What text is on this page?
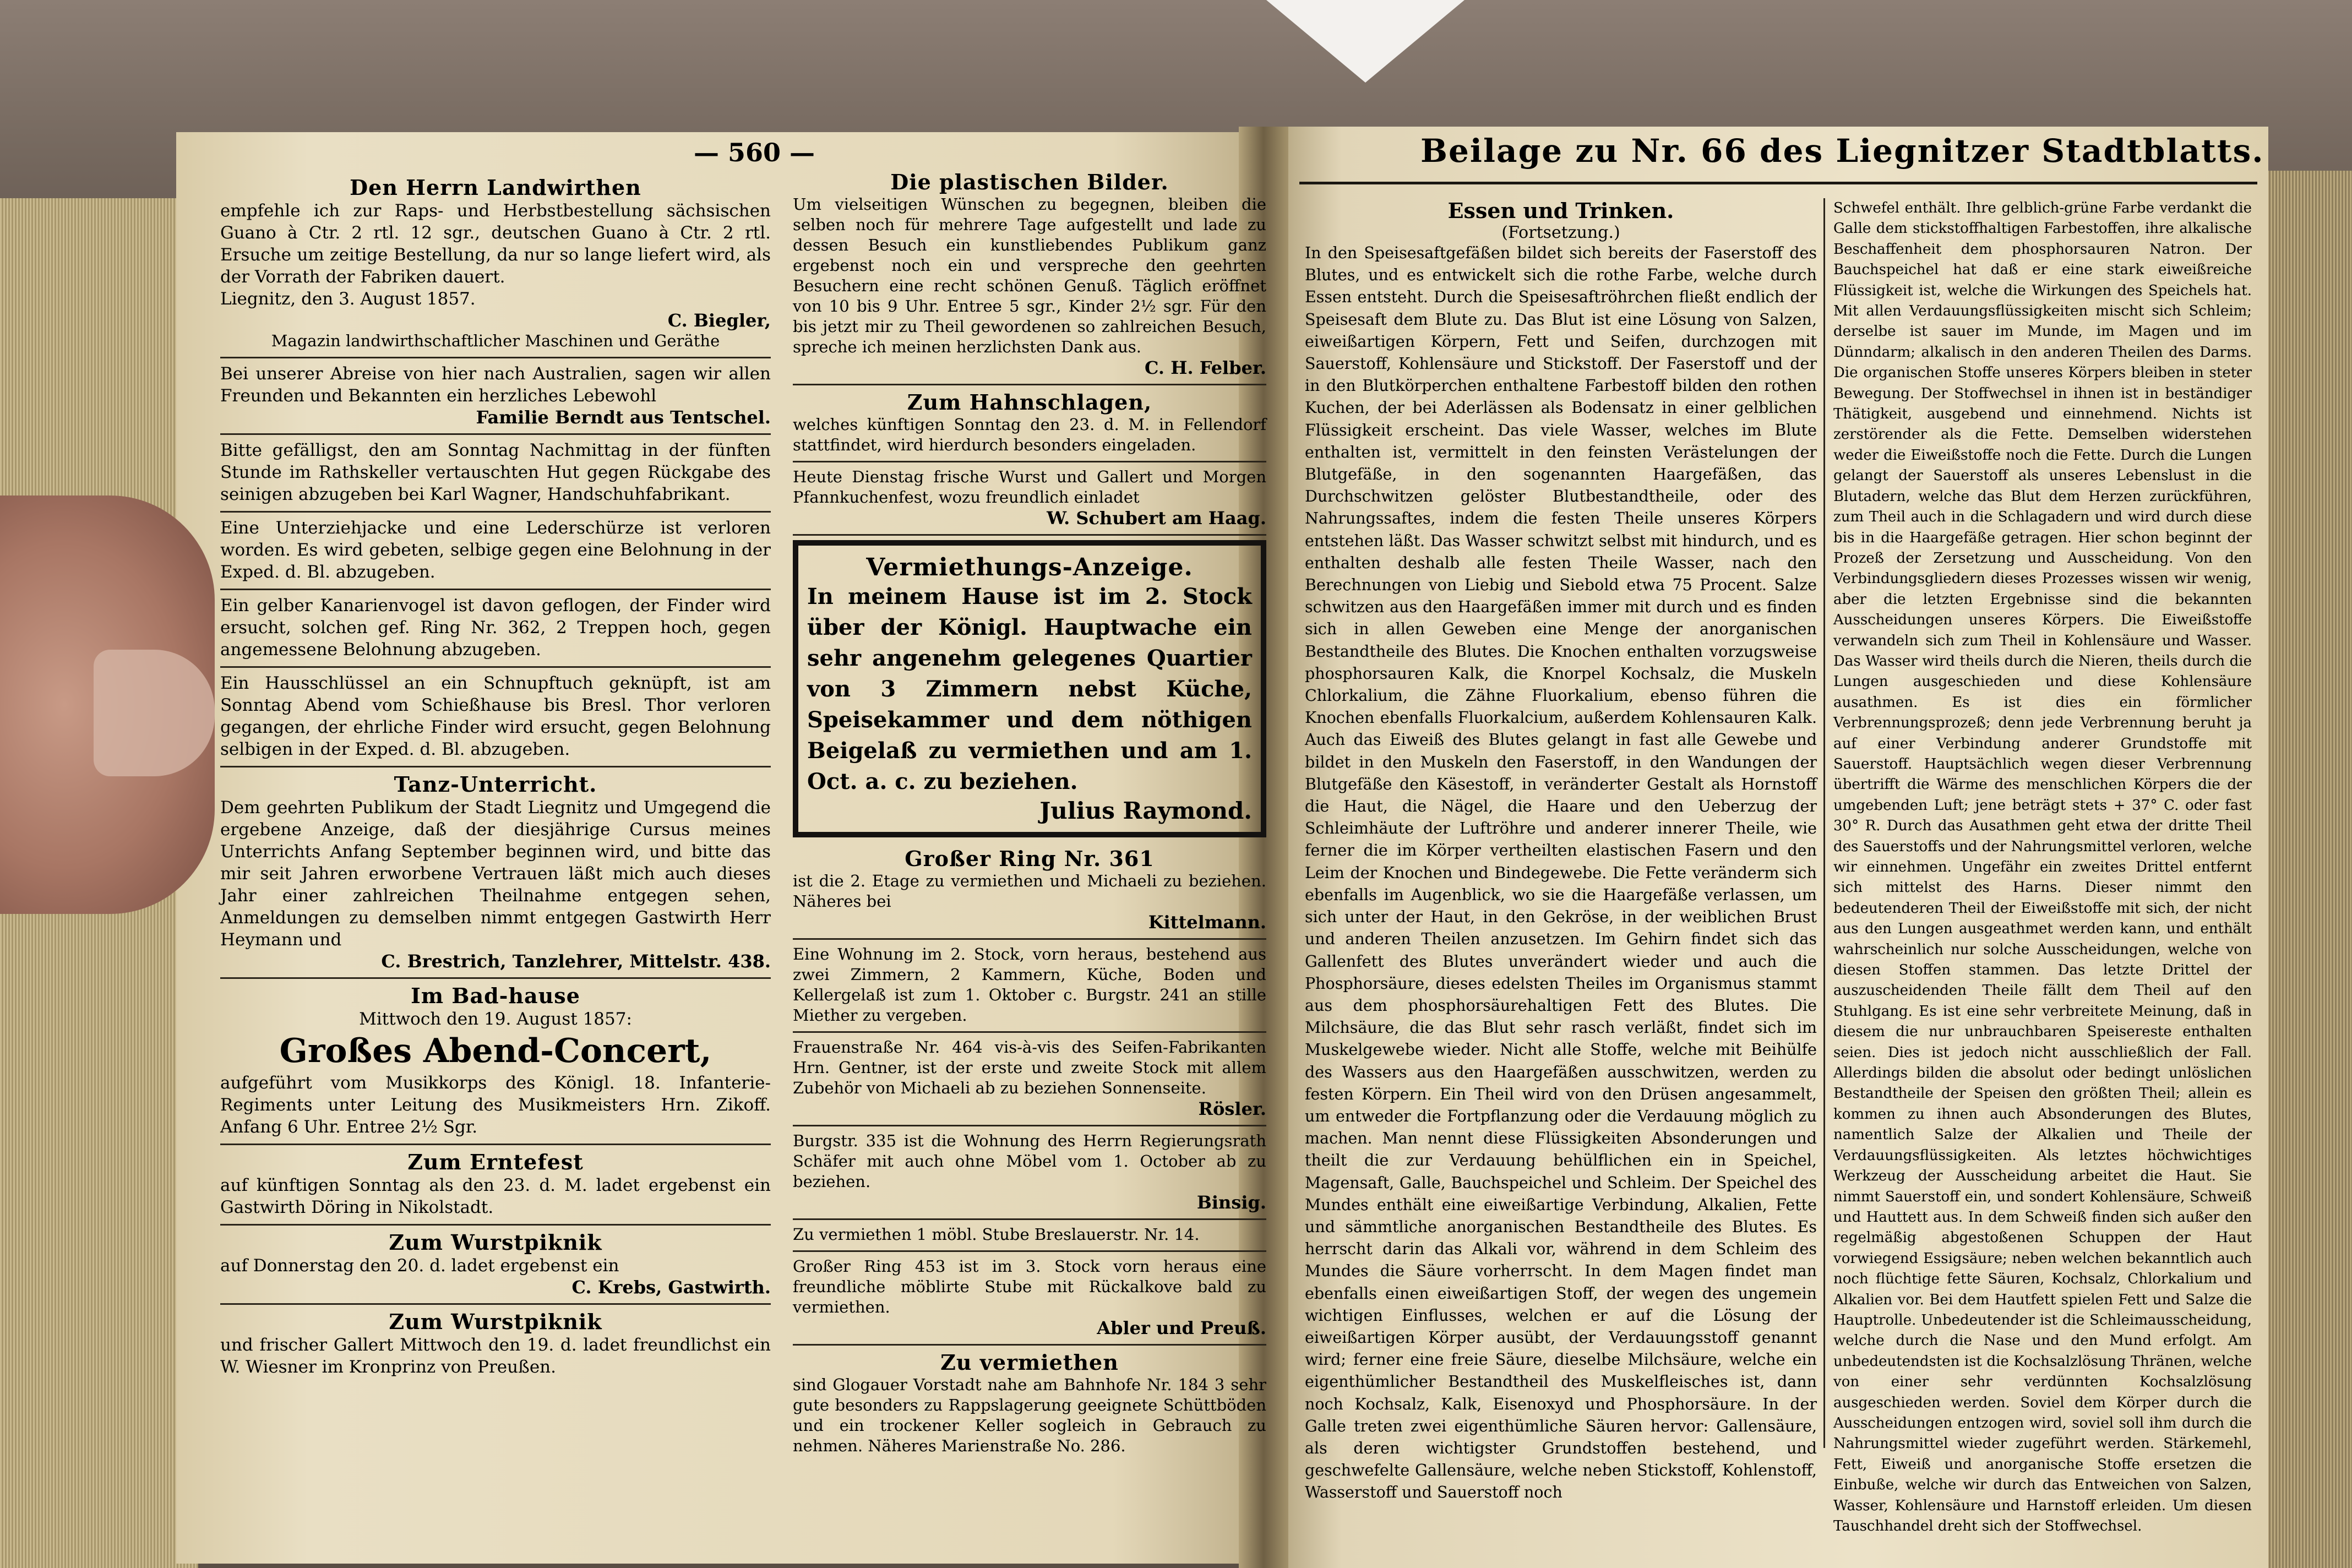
— 560 —
Den Herrn Landwirthen
empfehle ich zur Raps- und Herbstbestellung sächsischen Guano à Ctr. 2 rtl. 12 sgr., deutschen Guano à Ctr. 2 rtl. Ersuche um zeitige Bestellung, da nur so lange liefert wird, als der Vorrath der Fabriken dauert.
Liegnitz, den 3. August 1857.
C. Biegler,
Magazin landwirthschaftlicher Maschinen und Geräthe
Bei unserer Abreise von hier nach Australien, sagen wir allen Freunden und Bekannten ein herzliches Lebewohl
Familie Berndt aus Tentschel.
Bitte gefälligst, den am Sonntag Nachmittag in der fünften Stunde im Rathskeller vertauschten Hut gegen Rückgabe des seinigen abzugeben bei Karl Wagner, Handschuhfabrikant.
Eine Unterziehjacke und eine Lederschürze ist verloren worden. Es wird gebeten, selbige gegen eine Belohnung in der Exped. d. Bl. abzugeben.
Ein gelber Kanarienvogel ist davon geflogen, der Finder wird ersucht, solchen gef. Ring Nr. 362, 2 Treppen hoch, gegen angemessene Belohnung abzugeben.
Ein Hausschlüssel an ein Schnupftuch geknüpft, ist am Sonntag Abend vom Schießhause bis Bresl. Thor verloren gegangen, der ehrliche Finder wird ersucht, gegen Belohnung selbigen in der Exped. d. Bl. abzugeben.
Tanz-Unterricht.
Dem geehrten Publikum der Stadt Liegnitz und Umgegend die ergebene Anzeige, daß der diesjährige Cursus meines Unterrichts Anfang September beginnen wird, und bitte das mir seit Jahren erworbene Vertrauen läßt mich auch dieses Jahr einer zahlreichen Theilnahme entgegen sehen, Anmeldungen zu demselben nimmt entgegen Gastwirth Herr Heymann und
C. Brestrich, Tanzlehrer, Mittelstr. 438.
Im Bad-hause
Mittwoch den 19. August 1857:
Großes Abend-Concert,
aufgeführt vom Musikkorps des Königl. 18. Infanterie-Regiments unter Leitung des Musikmeisters Hrn. Zikoff. Anfang 6 Uhr. Entree 2½ Sgr.
Zum Erntefest
auf künftigen Sonntag als den 23. d. M. ladet ergebenst ein Gastwirth Döring in Nikolstadt.
Zum Wurstpiknik
auf Donnerstag den 20. d. ladet ergebenst ein
C. Krebs, Gastwirth.
Zum Wurstpiknik
und frischer Gallert Mittwoch den 19. d. ladet freundlichst ein W. Wiesner im Kronprinz von Preußen.
Die plastischen Bilder.
Um vielseitigen Wünschen zu begegnen, bleiben die selben noch für mehrere Tage aufgestellt und lade zu dessen Besuch ein kunstliebendes Publikum ganz ergebenst noch ein und verspreche den geehrten Besuchern eine recht schönen Genuß. Täglich eröffnet von 10 bis 9 Uhr. Entree 5 sgr., Kinder 2½ sgr. Für den bis jetzt mir zu Theil gewordenen so zahlreichen Besuch, spreche ich meinen herzlichsten Dank aus.
C. H. Felber.
Zum Hahnschlagen,
welches künftigen Sonntag den 23. d. M. in Fellendorf stattfindet, wird hierdurch besonders eingeladen.
Heute Dienstag frische Wurst und Gallert und Morgen Pfannkuchenfest, wozu freundlich einladet
W. Schubert am Haag.
Vermiethungs-Anzeige.
In meinem Hause ist im 2. Stock über der Königl. Hauptwache ein sehr angenehm gelegenes Quartier von 3 Zimmern nebst Küche, Speisekammer und dem nöthigen Beigelaß zu vermiethen und am 1. Oct. a. c. zu beziehen.
Julius Raymond.
Großer Ring Nr. 361
ist die 2. Etage zu vermiethen und Michaeli zu beziehen. Näheres bei
Kittelmann.
Eine Wohnung im 2. Stock, vorn heraus, bestehend aus zwei Zimmern, 2 Kammern, Küche, Boden und Kellergelaß ist zum 1. Oktober c. Burgstr. 241 an stille Miether zu vergeben.
Frauenstraße Nr. 464 vis-à-vis des Seifen-Fabrikanten Hrn. Gentner, ist der erste und zweite Stock mit allem Zubehör von Michaeli ab zu beziehen Sonnenseite.
Rösler.
Burgstr. 335 ist die Wohnung des Herrn Regierungsrath Schäfer mit auch ohne Möbel vom 1. October ab zu beziehen.
Binsig.
Zu vermiethen 1 möbl. Stube Breslauerstr. Nr. 14.
Großer Ring 453 ist im 3. Stock vorn heraus eine freundliche möblirte Stube mit Rückalkove bald zu vermiethen.
Abler und Preuß.
Zu vermiethen
sind Glogauer Vorstadt nahe am Bahnhofe Nr. 184 3 sehr gute besonders zu Rappslagerung geeignete Schüttböden und ein trockener Keller sogleich in Gebrauch zu nehmen. Näheres Marienstraße No. 286.
Beilage zu Nr. 66 des Liegnitzer Stadtblatts.
Essen und Trinken.
(Fortsetzung.)
In den Speisesaftgefäßen bildet sich bereits der Faserstoff des Blutes, und es entwickelt sich die rothe Farbe, welche durch Essen entsteht. Durch die Speisesaftröhrchen fließt endlich der Speisesaft dem Blute zu. Das Blut ist eine Lösung von Salzen, eiweißartigen Körpern, Fett und Seifen, durchzogen mit Sauerstoff, Kohlensäure und Stickstoff. Der Faserstoff und der in den Blutkörperchen enthaltene Farbestoff bilden den rothen Kuchen, der bei Aderlässen als Bodensatz in einer gelblichen Flüssigkeit erscheint. Das viele Wasser, welches im Blute enthalten ist, vermittelt in den feinsten Verästelungen der Blutgefäße, in den sogenannten Haargefäßen, das Durchschwitzen gelöster Blutbestandtheile, oder des Nahrungssaftes, indem die festen Theile unseres Körpers entstehen läßt. Das Wasser schwitzt selbst mit hindurch, und es enthalten deshalb alle festen Theile Wasser, nach den Berechnungen von Liebig und Siebold etwa 75 Procent. Salze schwitzen aus den Haargefäßen immer mit durch und es finden sich in allen Geweben eine Menge der anorganischen Bestandtheile des Blutes. Die Knochen enthalten vorzugsweise phosphorsauren Kalk, die Knorpel Kochsalz, die Muskeln Chlorkalium, die Zähne Fluorkalium, ebenso führen die Knochen ebenfalls Fluorkalcium, außerdem Kohlensauren Kalk. Auch das Eiweiß des Blutes gelangt in fast alle Gewebe und bildet in den Muskeln den Faserstoff, in den Wandungen der Blutgefäße den Käsestoff, in veränderter Gestalt als Hornstoff die Haut, die Nägel, die Haare und den Ueberzug der Schleimhäute der Luftröhre und anderer innerer Theile, wie ferner die im Körper vertheilten elastischen Fasern und den Leim der Knochen und Bindegewebe. Die Fette veränderm sich ebenfalls im Augenblick, wo sie die Haargefäße verlassen, um sich unter der Haut, in den Gekröse, in der weiblichen Brust und anderen Theilen anzusetzen. Im Gehirn findet sich das Gallenfett des Blutes unverändert wieder und auch die Phosphorsäure, dieses edelsten Theiles im Organismus stammt aus dem phosphorsäurehaltigen Fett des Blutes. Die Milchsäure, die das Blut sehr rasch verläßt, findet sich im Muskelgewebe wieder. Nicht alle Stoffe, welche mit Beihülfe des Wassers aus den Haargefäßen ausschwitzen, werden zu festen Körpern. Ein Theil wird von den Drüsen angesammelt, um entweder die Fortpflanzung oder die Verdauung möglich zu machen. Man nennt diese Flüssigkeiten Absonderungen und theilt die zur Verdauung behülflichen ein in Speichel, Magensaft, Galle, Bauchspeichel und Schleim. Der Speichel des Mundes enthält eine eiweißartige Verbindung, Alkalien, Fette und sämmtliche anorganischen Bestandtheile des Blutes. Es herrscht darin das Alkali vor, während in dem Schleim des Mundes die Säure vorherrscht. In dem Magen findet man ebenfalls einen eiweißartigen Stoff, der wegen des ungemein wichtigen Einflusses, welchen er auf die Lösung der eiweißartigen Körper ausübt, der Verdauungsstoff genannt wird; ferner eine freie Säure, dieselbe Milchsäure, welche ein eigenthümlicher Bestandtheil des Muskelfleisches ist, dann noch Kochsalz, Kalk, Eisenoxyd und Phosphorsäure. In der Galle treten zwei eigenthümliche Säuren hervor: Gallensäure, als deren wichtigster Grundstoffen bestehend, und geschwefelte Gallensäure, welche neben Stickstoff, Kohlenstoff, Wasserstoff und Sauerstoff noch
Schwefel enthält. Ihre gelblich-grüne Farbe verdankt die Galle dem stickstoffhaltigen Farbestoffen, ihre alkalische Beschaffenheit dem phosphorsauren Natron. Der Bauchspeichel hat daß er eine stark eiweißreiche Flüssigkeit ist, welche die Wirkungen des Speichels hat. Mit allen Verdauungsflüssigkeiten mischt sich Schleim; derselbe ist sauer im Munde, im Magen und im Dünndarm; alkalisch in den anderen Theilen des Darms. Die organischen Stoffe unseres Körpers bleiben in steter Bewegung. Der Stoffwechsel in ihnen ist in beständiger Thätigkeit, ausgebend und einnehmend. Nichts ist zerstörender als die Fette. Demselben widerstehen weder die Eiweißstoffe noch die Fette. Durch die Lungen gelangt der Sauerstoff als unseres Lebenslust in die Blutadern, welche das Blut dem Herzen zurückführen, zum Theil auch in die Schlagadern und wird durch diese bis in die Haargefäße getragen. Hier schon beginnt der Prozeß der Zersetzung und Ausscheidung. Von den Verbindungsgliedern dieses Prozesses wissen wir wenig, aber die letzten Ergebnisse sind die bekannten Ausscheidungen unseres Körpers. Die Eiweißstoffe verwandeln sich zum Theil in Kohlensäure und Wasser. Das Wasser wird theils durch die Nieren, theils durch die Lungen ausgeschieden und diese Kohlensäure ausathmen. Es ist dies ein förmlicher Verbrennungsprozeß; denn jede Verbrennung beruht ja auf einer Verbindung anderer Grundstoffe mit Sauerstoff. Hauptsächlich wegen dieser Verbrennung übertrifft die Wärme des menschlichen Körpers die der umgebenden Luft; jene beträgt stets + 37° C. oder fast 30° R. Durch das Ausathmen geht etwa der dritte Theil des Sauerstoffs und der Nahrungsmittel verloren, welche wir einnehmen. Ungefähr ein zweites Drittel entfernt sich mittelst des Harns. Dieser nimmt den bedeutenderen Theil der Eiweißstoffe mit sich, der nicht aus den Lungen ausgeathmet werden kann, und enthält wahrscheinlich nur solche Ausscheidungen, welche von diesen Stoffen stammen. Das letzte Drittel der auszuscheidenden Theile fällt dem Theil auf den Stuhlgang. Es ist eine sehr verbreitete Meinung, daß in diesem die nur unbrauchbaren Speisereste enthalten seien. Dies ist jedoch nicht ausschließlich der Fall. Allerdings bilden die absolut oder bedingt unlöslichen Bestandtheile der Speisen den größten Theil; allein es kommen zu ihnen auch Absonderungen des Blutes, namentlich Salze der Alkalien und Theile der Verdauungsflüssigkeiten. Als letztes höchwichtiges Werkzeug der Ausscheidung arbeitet die Haut. Sie nimmt Sauerstoff ein, und sondert Kohlensäure, Schweiß und Hauttett aus. In dem Schweiß finden sich außer den regelmäßig abgestoßenen Schuppen der Haut vorwiegend Essigsäure; neben welchen bekanntlich auch noch flüchtige fette Säuren, Kochsalz, Chlorkalium und Alkalien vor. Bei dem Hautfett spielen Fett und Salze die Hauptrolle. Unbedeutender ist die Schleimausscheidung, welche durch die Nase und den Mund erfolgt. Am unbedeutendsten ist die Kochsalzlösung Thränen, welche von einer sehr verdünnten Kochsalzlösung ausgeschieden werden. Soviel dem Körper durch die Ausscheidungen entzogen wird, soviel soll ihm durch die Nahrungsmittel wieder zugeführt werden. Stärkemehl, Fett, Eiweiß und anorganische Stoffe ersetzen die Einbuße, welche wir durch das Entweichen von Salzen, Wasser, Kohlensäure und Harnstoff erleiden. Um diesen Tauschhandel dreht sich der Stoffwechsel.
